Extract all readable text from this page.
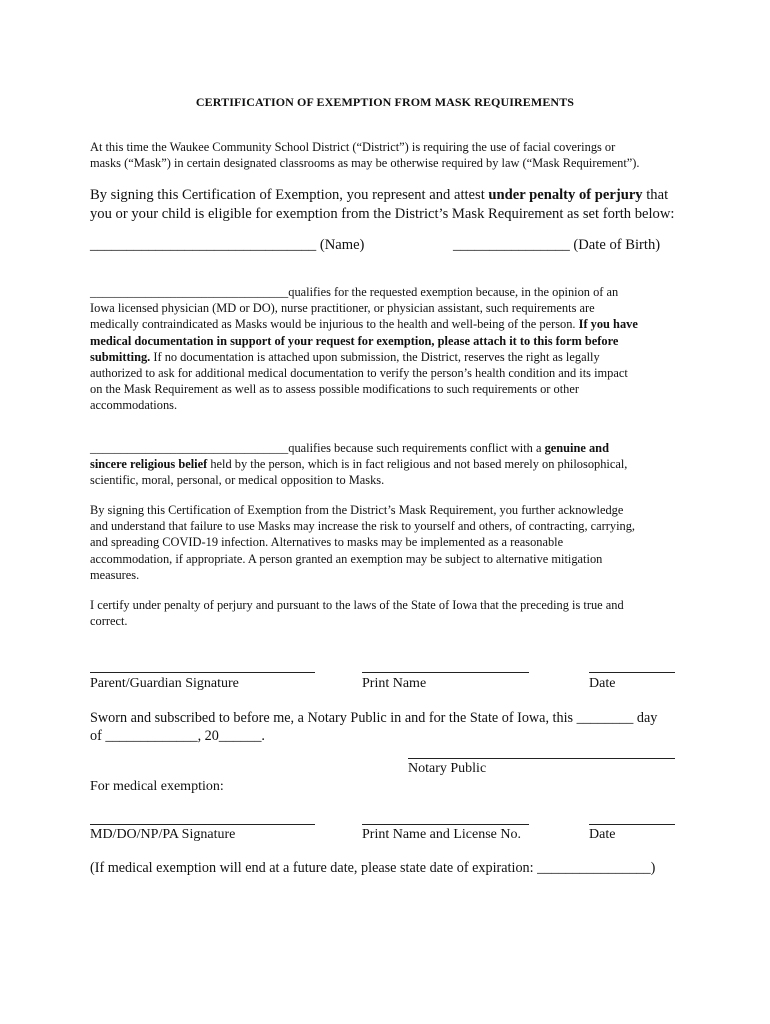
CERTIFICATION OF EXEMPTION FROM MASK REQUIREMENTS
At this time the Waukee Community School District (“District”) is requiring the use of facial coverings or
masks (“Mask”) in certain designated classrooms as may be otherwise required by law (“Mask Requirement”).
By signing this Certification of Exemption, you represent and attest under penalty of perjury that
you or your child is eligible for exemption from the District’s Mask Requirement as set forth below:
_______________________________ (Name)	________________ (Date of Birth)
________________________________qualifies for the requested exemption because, in the opinion of an
Iowa licensed physician (MD or DO), nurse practitioner, or physician assistant, such requirements are
medically contraindicated as Masks would be injurious to the health and well-being of the person. If you have
medical documentation in support of your request for exemption, please attach it to this form before
submitting. If no documentation is attached upon submission, the District, reserves the right as legally
authorized to ask for additional medical documentation to verify the person’s health condition and its impact
on the Mask Requirement as well as to assess possible modifications to such requirements or other
accommodations.
________________________________qualifies because such requirements conflict with a genuine and
sincere religious belief held by the person, which is in fact religious and not based merely on philosophical,
scientific, moral, personal, or medical opposition to Masks.
By signing this Certification of Exemption from the District’s Mask Requirement, you further acknowledge
and understand that failure to use Masks may increase the risk to yourself and others, of contracting, carrying,
and spreading COVID-19 infection. Alternatives to masks may be implemented as a reasonable
accommodation, if appropriate. A person granted an exemption may be subject to alternative mitigation
measures.
I certify under penalty of perjury and pursuant to the laws of the State of Iowa that the preceding is true and
correct.
Parent/Guardian Signature	Print Name	Date
Sworn and subscribed to before me, a Notary Public in and for the State of Iowa, this ________ day
of _____________, 20______.
Notary Public
For medical exemption:
MD/DO/NP/PA Signature	Print Name and License No.	Date
(If medical exemption will end at a future date, please state date of expiration: ________________)
